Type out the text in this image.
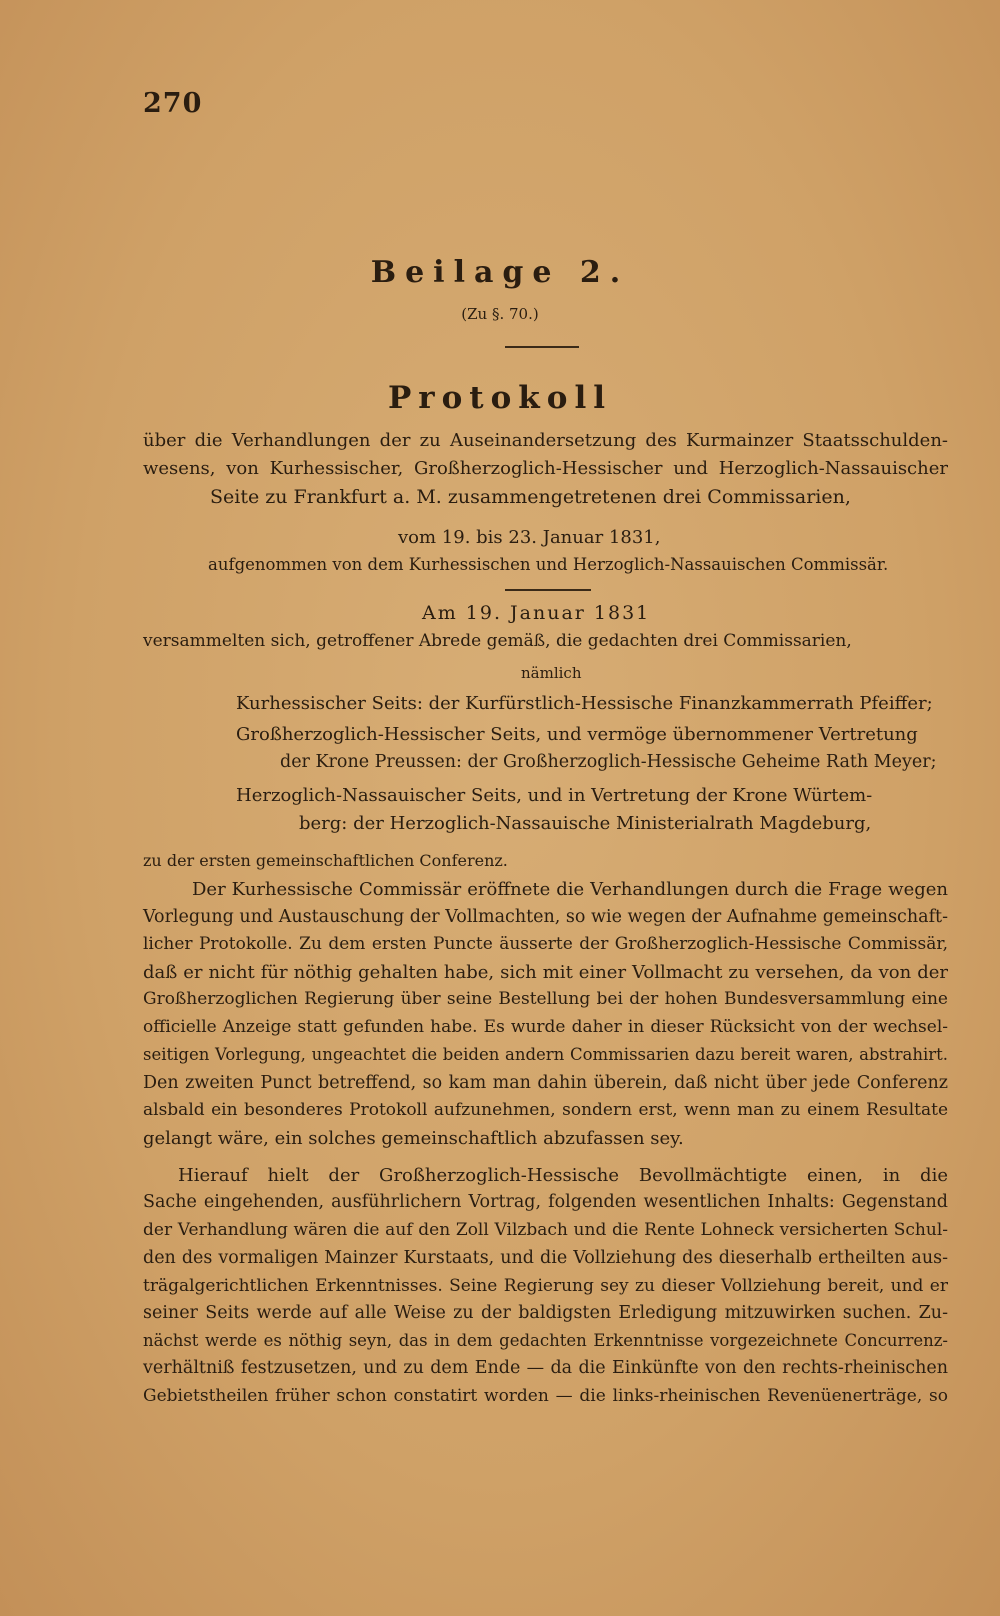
270
Beilage 2.
(Zu §. 70.)
Protokoll
über die Verhandlungen der zu Auseinandersetzung des Kurmainzer Staatsschulden-
wesens, von Kurhessischer, Großherzoglich-Hessischer und Herzoglich-Nassauischer
Seite zu Frankfurt a. M. zusammengetretenen drei Commissarien,
vom 19. bis 23. Januar 1831,
aufgenommen von dem Kurhessischen und Herzoglich-Nassauischen Commissär.
Am 19. Januar 1831
versammelten sich, getroffener Abrede gemäß, die gedachten drei Commissarien,
nämlich
Kurhessischer Seits: der Kurfürstlich-Hessische Finanzkammerrath Pfeiffer;
Großherzoglich-Hessischer Seits, und vermöge übernommener Vertretung
der Krone Preussen: der Großherzoglich-Hessische Geheime Rath Meyer;
Herzoglich-Nassauischer Seits, und in Vertretung der Krone Würtem-
berg: der Herzoglich-Nassauische Ministerialrath Magdeburg,
zu der ersten gemeinschaftlichen Conferenz.
Der Kurhessische Commissär eröffnete die Verhandlungen durch die Frage wegen
Vorlegung und Austauschung der Vollmachten, so wie wegen der Aufnahme gemeinschaft-
licher Protokolle. Zu dem ersten Puncte äusserte der Großherzoglich-Hessische Commissär,
daß er nicht für nöthig gehalten habe, sich mit einer Vollmacht zu versehen, da von der
Großherzoglichen Regierung über seine Bestellung bei der hohen Bundesversammlung eine
officielle Anzeige statt gefunden habe. Es wurde daher in dieser Rücksicht von der wechsel-
seitigen Vorlegung, ungeachtet die beiden andern Commissarien dazu bereit waren, abstrahirt.
Den zweiten Punct betreffend, so kam man dahin überein, daß nicht über jede Conferenz
alsbald ein besonderes Protokoll aufzunehmen, sondern erst, wenn man zu einem Resultate
gelangt wäre, ein solches gemeinschaftlich abzufassen sey.
Hierauf hielt der Großherzoglich-Hessische Bevollmächtigte einen, in die
Sache eingehenden, ausführlichern Vortrag, folgenden wesentlichen Inhalts: Gegenstand
der Verhandlung wären die auf den Zoll Vilzbach und die Rente Lohneck versicherten Schul-
den des vormaligen Mainzer Kurstaats, und die Vollziehung des dieserhalb ertheilten aus-
trägalgerichtlichen Erkenntnisses. Seine Regierung sey zu dieser Vollziehung bereit, und er
seiner Seits werde auf alle Weise zu der baldigsten Erledigung mitzuwirken suchen. Zu-
nächst werde es nöthig seyn, das in dem gedachten Erkenntnisse vorgezeichnete Concurrenz-
verhältniß festzusetzen, und zu dem Ende — da die Einkünfte von den rechts-rheinischen
Gebietstheilen früher schon constatirt worden — die links-rheinischen Revenüenerträge, so
